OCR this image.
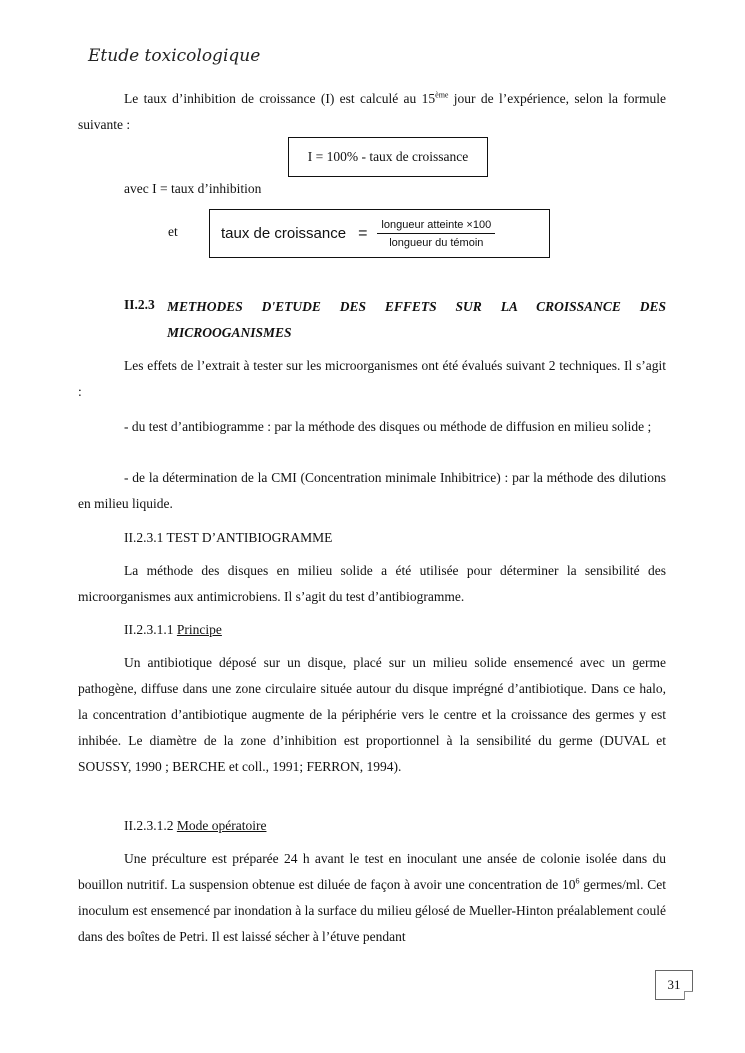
Etude toxicologique

Le taux d’inhibition de croissance (I) est calculé au 15ème jour de l’expérience, selon la formule suivante :

I = 100% - taux de croissance

avec I = taux d’inhibition

et	taux de croissance = $\frac{\text{longueur atteinte ×100}}{\text{longueur du témoin}}$
II.2.3 METHODES D'ETUDE DES EFFETS SUR LA CROISSANCE DES
MICROOGANISMES

Les effets de l’extrait à tester sur les microorganismes ont été évalués suivant 2 techniques. Il s’agit :

- du test d’antibiogramme : par la méthode des disques ou méthode de diffusion en milieu solide ;

- de la détermination de la CMI (Concentration minimale Inhibitrice) : par la méthode des dilutions en milieu liquide.

II.2.3.1 TEST D’ANTIBIOGRAMME

La méthode des disques en milieu solide a été utilisée pour déterminer la sensibilité des microorganismes aux antimicrobiens. Il s’agit du test d’antibiogramme.

II.2.3.1.1 Principe

Un antibiotique déposé sur un disque, placé sur un milieu solide ensemencé avec un germe pathogène, diffuse dans une zone circulaire située autour du disque imprégné d’antibiotique. Dans ce halo, la concentration d’antibiotique augmente de la périphérie vers le centre et la croissance des germes y est inhibée. Le diamètre de la zone d’inhibition est proportionnel à la sensibilité du germe (DUVAL et SOUSSY, 1990 ; BERCHE et coll., 1991; FERRON, 1994).

II.2.3.1.2 Mode opératoire

Une préculture est préparée 24 h avant le test en inoculant une ansée de colonie isolée dans du bouillon nutritif. La suspension obtenue est diluée de façon à avoir une concentration de $10^6$ germes/ml. Cet inoculum est ensemencé par inondation à la surface du milieu gélosé de Mueller-Hinton préalablement coulé dans des boîtes de Petri. Il est laissé sécher à l’étuve pendant

31
